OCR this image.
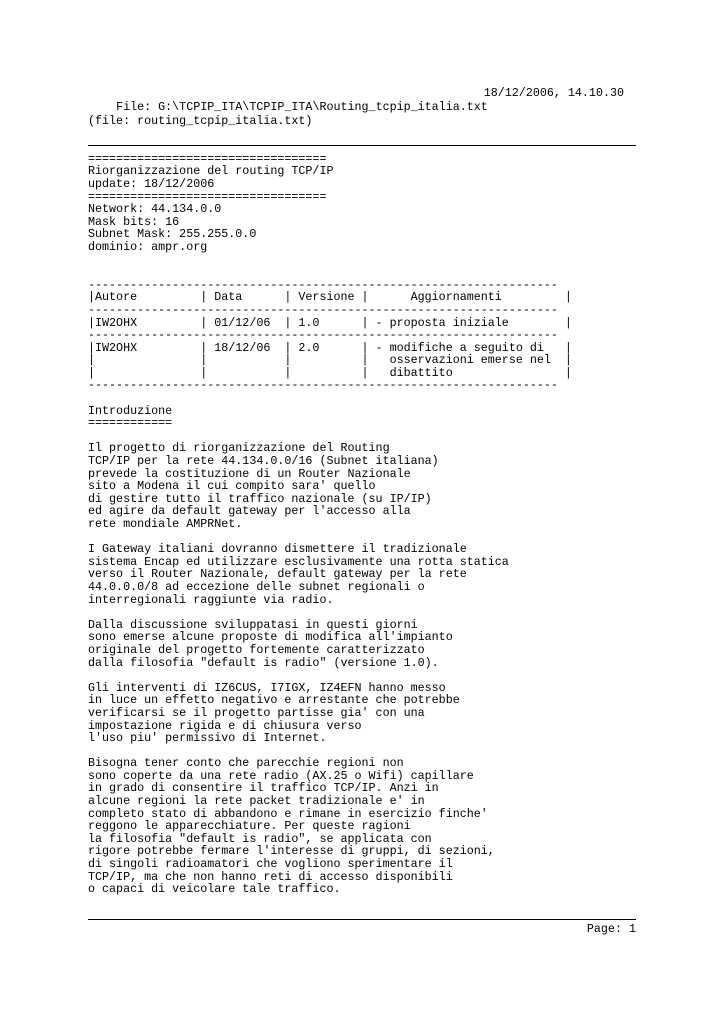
File: G:\TCPIP_ITA\TCPIP_ITA\Routing_tcpip_italia.txt

18/12/2006, 14.10.30

(file: routing_tcpip_italia.txt)
==================================
Riorganizzazione del routing TCP/IP
update: 18/12/2006
==================================
Network: 44.134.0.0
Mask bits: 16
Subnet Mask: 255.255.0.0
dominio: ampr.org
-------------------------------------------------------------------
|Autore         | Data      | Versione |      Aggiornamenti         |
-------------------------------------------------------------------
|IW2OHX         | 01/12/06  | 1.0      | - proposta iniziale        |
-------------------------------------------------------------------
|IW2OHX         | 18/12/06  | 2.0      | - modifiche a seguito di   |
|               |           |          |   osservazioni emerse nel  |
|               |           |          |   dibattito                |
-------------------------------------------------------------------
Introduzione
============
Il progetto di riorganizzazione del Routing
TCP/IP per la rete 44.134.0.0/16 (Subnet italiana)
prevede la costituzione di un Router Nazionale
sito a Modena il cui compito sara' quello
di gestire tutto il traffico nazionale (su IP/IP)
ed agire da default gateway per l'accesso alla
rete mondiale AMPRNet.
I Gateway italiani dovranno dismettere il tradizionale
sistema Encap ed utilizzare esclusivamente una rotta statica
verso il Router Nazionale, default gateway per la rete
44.0.0.0/8 ad eccezione delle subnet regionali o
interregionali raggiunte via radio.
Dalla discussione sviluppatasi in questi giorni
sono emerse alcune proposte di modifica all'impianto
originale del progetto fortemente caratterizzato
dalla filosofia "default is radio" (versione 1.0).
Gli interventi di IZ6CUS, I7IGX, IZ4EFN hanno messo
in luce un effetto negativo e arrestante che potrebbe
verificarsi se il progetto partisse gia' con una
impostazione rigida e di chiusura verso
l'uso piu' permissivo di Internet.
Bisogna tener conto che parecchie regioni non
sono coperte da una rete radio (AX.25 o Wifi) capillare
in grado di consentire il traffico TCP/IP. Anzi in
alcune regioni la rete packet tradizionale e' in
completo stato di abbandono e rimane in esercizio finche'
reggono le apparecchiature. Per queste ragioni
la filosofia "default is radio", se applicata con
rigore potrebbe fermare l'interesse di gruppi, di sezioni,
di singoli radioamatori che vogliono sperimentare il
TCP/IP, ma che non hanno reti di accesso disponibili
o capaci di veicolare tale traffico.
Page: 1
